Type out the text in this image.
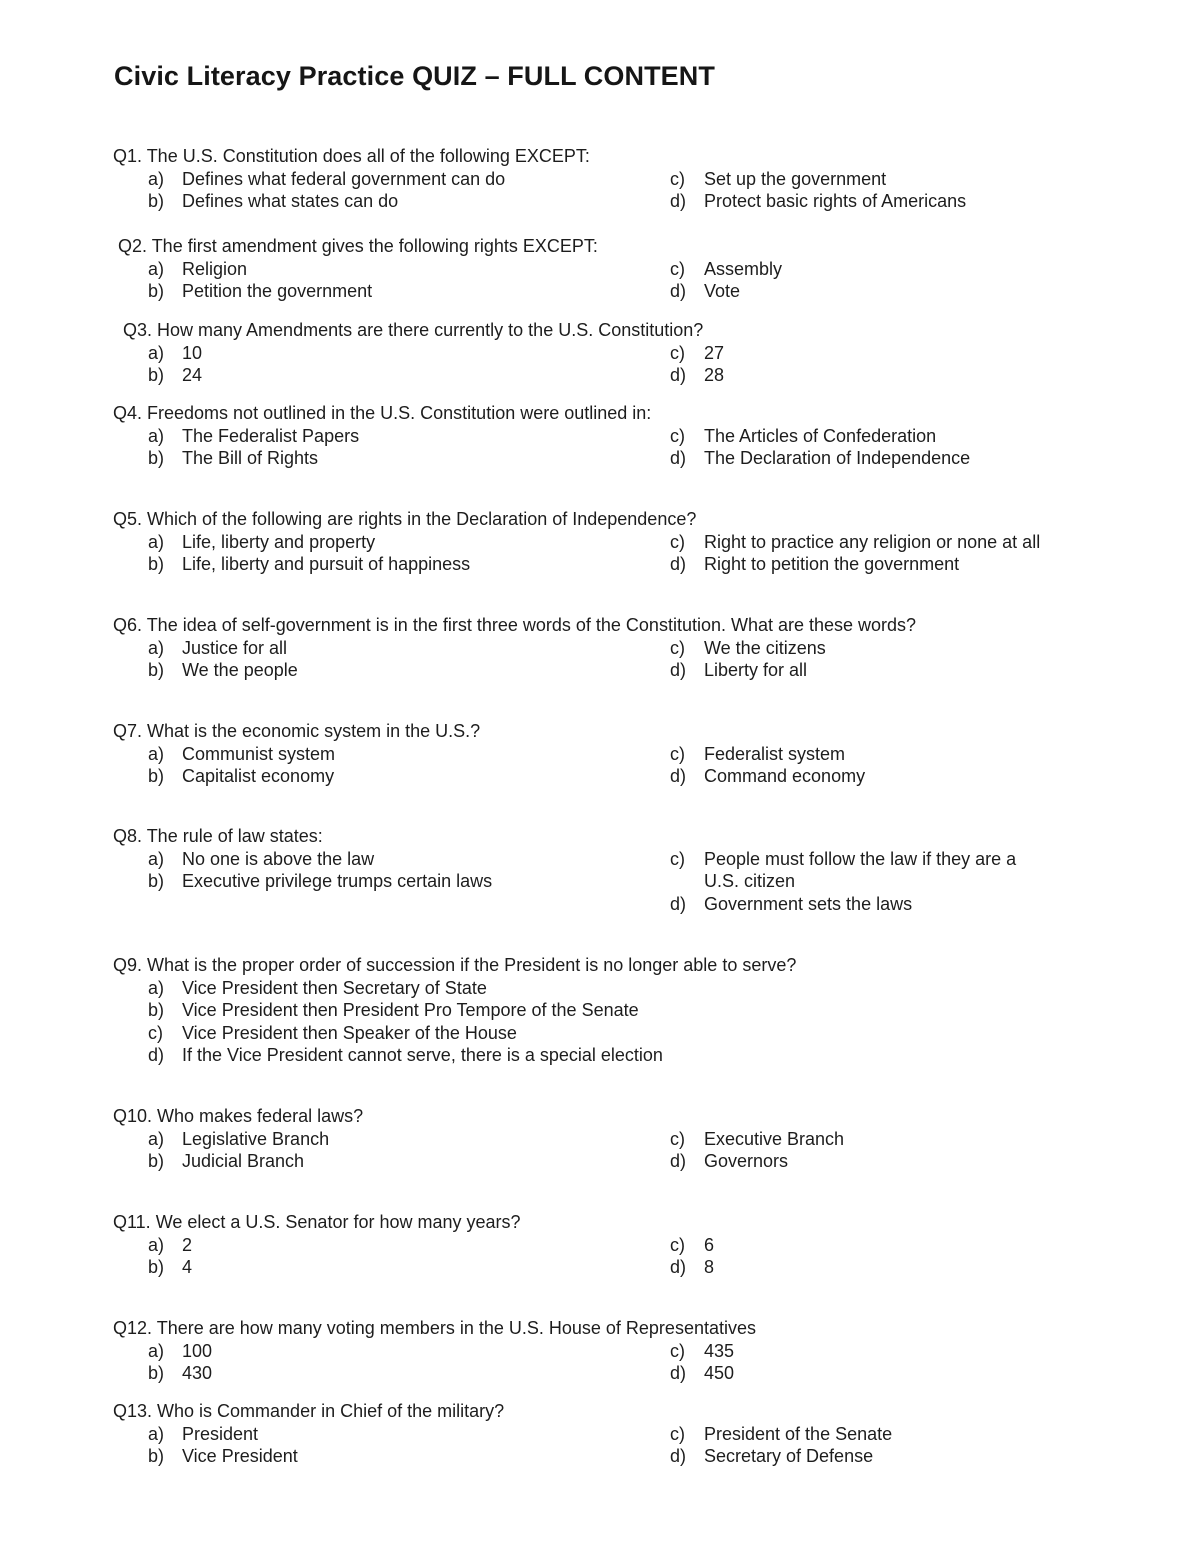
Civic Literacy Practice QUIZ – FULL CONTENT
Q1. The U.S. Constitution does all of the following EXCEPT:
a) Defines what federal government can do
b) Defines what states can do
c)	Set up the government
d) Protect basic rights of Americans
Q2. The first amendment gives the following rights EXCEPT:
a) Religion
b) Petition the government
c)	Assembly
d) Vote
Q3. How many Amendments are there currently to the U.S. Constitution?
a) 10
b) 24
c)	27
d) 28
Q4. Freedoms not outlined in the U.S. Constitution were outlined in:
a) The Federalist Papers
b) The Bill of Rights
c)	The Articles of Confederation
d) The Declaration of Independence
Q5. Which of the following are rights in the Declaration of Independence?
a) Life, liberty and property
b) Life, liberty and pursuit of happiness
c)	Right to practice any religion or none at all
d) Right to petition the government
Q6. The idea of self-government is in the first three words of the Constitution. What are these words?
a) Justice for all
b) We the people
c)	We the citizens
d) Liberty for all
Q7. What is the economic system in the U.S.?
a) Communist system
b) Capitalist economy
c)	Federalist system
d) Command economy
Q8. The rule of law states:
a) No one is above the law
b) Executive privilege trumps certain laws
c)	People must follow the law if they are a U.S. citizen
d) Government sets the laws
Q9. What is the proper order of succession if the President is no longer able to serve?
a) Vice President then Secretary of State
b) Vice President then President Pro Tempore of the Senate
c)	Vice President then Speaker of the House
d) If the Vice President cannot serve, there is a special election
Q10. Who makes federal laws?
a) Legislative Branch
b) Judicial Branch
c)	Executive Branch
d) Governors
Q11. We elect a U.S. Senator for how many years?
a) 2
b) 4
c)	6
d) 8
Q12. There are how many voting members in the U.S. House of Representatives
a) 100
b) 430
c)	435
d) 450
Q13. Who is Commander in Chief of the military?
a) President
b) Vice President
c)	President of the Senate
d) Secretary of Defense
